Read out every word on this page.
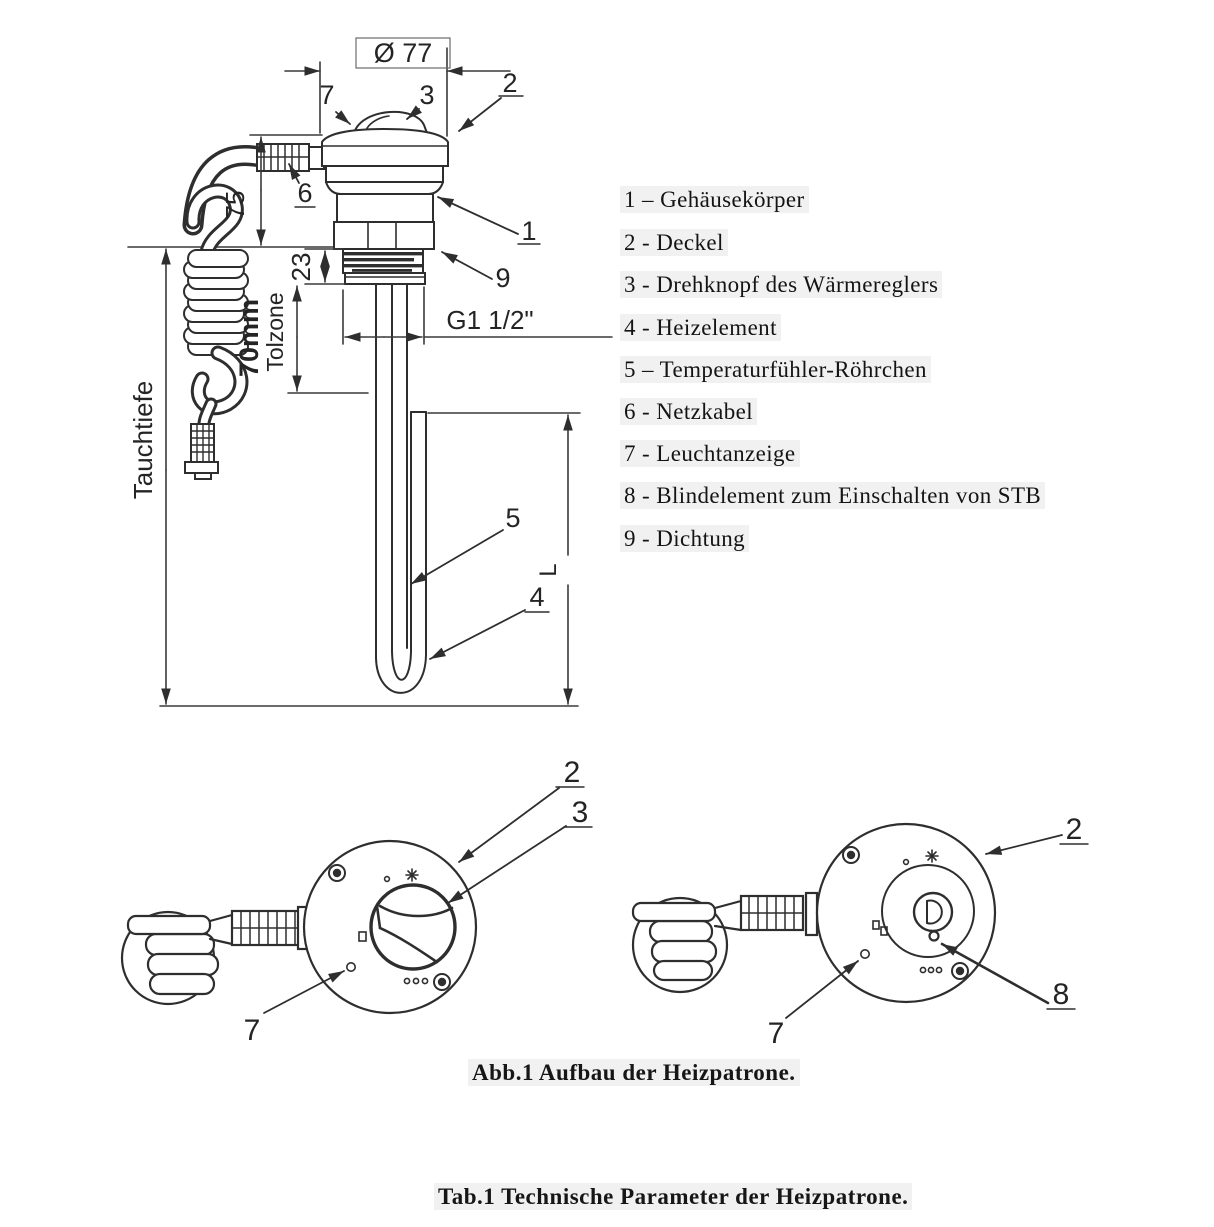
Ø 77
75
23
70mm
Tolzone
Tauchtiefe
G1 1/2"
L
7	3	2
6
1
9
5
4
2
3
7
2
8
7
1 – Gehäusekörper
2 - Deckel
3 - Drehknopf des Wärmereglers
4 - Heizelement
5 – Temperaturfühler-Röhrchen
6 - Netzkabel
7 - Leuchtanzeige
8 - Blindelement zum Einschalten von STB
9 - Dichtung
Abb.1 Aufbau der Heizpatrone.
Tab.1 Technische Parameter der Heizpatrone.
